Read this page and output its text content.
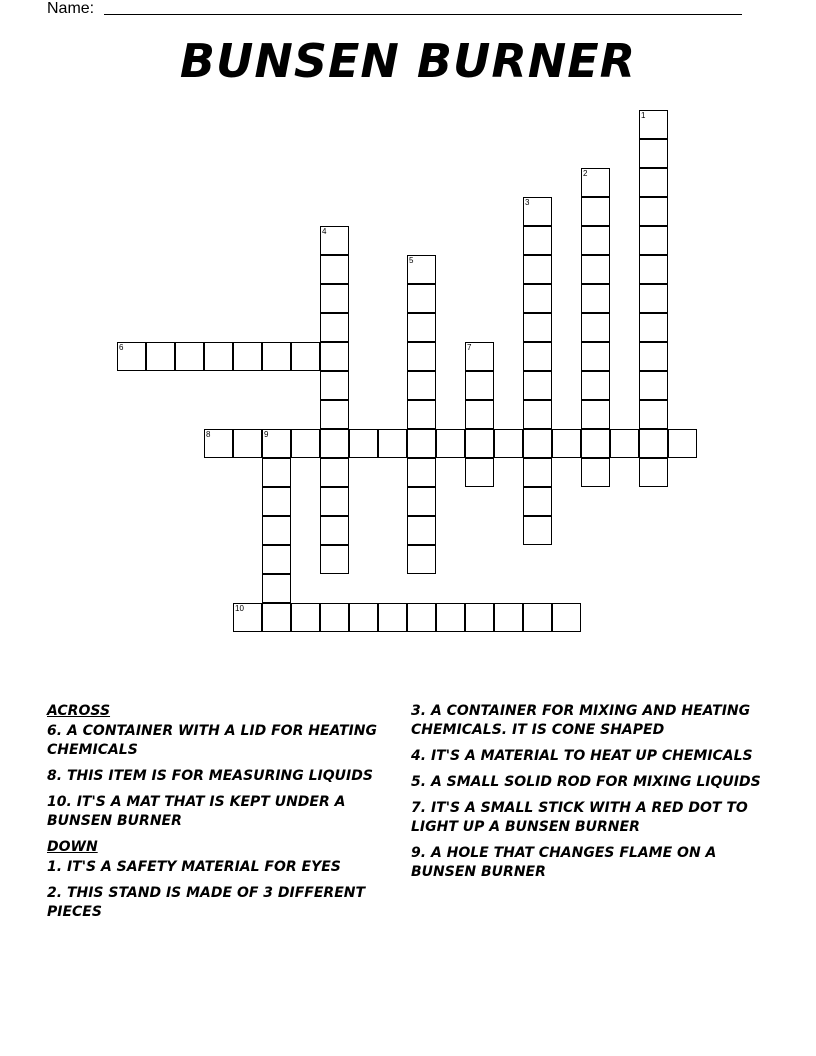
Name:
BUNSEN BURNER
1
2
3
4
5
6	7
8	9
10
ACROSS
6. A CONTAINER WITH A LID FOR HEATING CHEMICALS
8. THIS ITEM IS FOR MEASURING LIQUIDS
10. IT'S A MAT THAT IS KEPT UNDER A BUNSEN BURNER
DOWN
1. IT'S A SAFETY MATERIAL FOR EYES
2. THIS STAND IS MADE OF 3 DIFFERENT PIECES
3. A CONTAINER FOR MIXING AND HEATING CHEMICALS. IT IS CONE SHAPED
4. IT'S A MATERIAL TO HEAT UP CHEMICALS
5. A SMALL SOLID ROD FOR MIXING LIQUIDS
7. IT'S A SMALL STICK WITH A RED DOT TO LIGHT UP A BUNSEN BURNER
9. A HOLE THAT CHANGES FLAME ON A BUNSEN BURNER
